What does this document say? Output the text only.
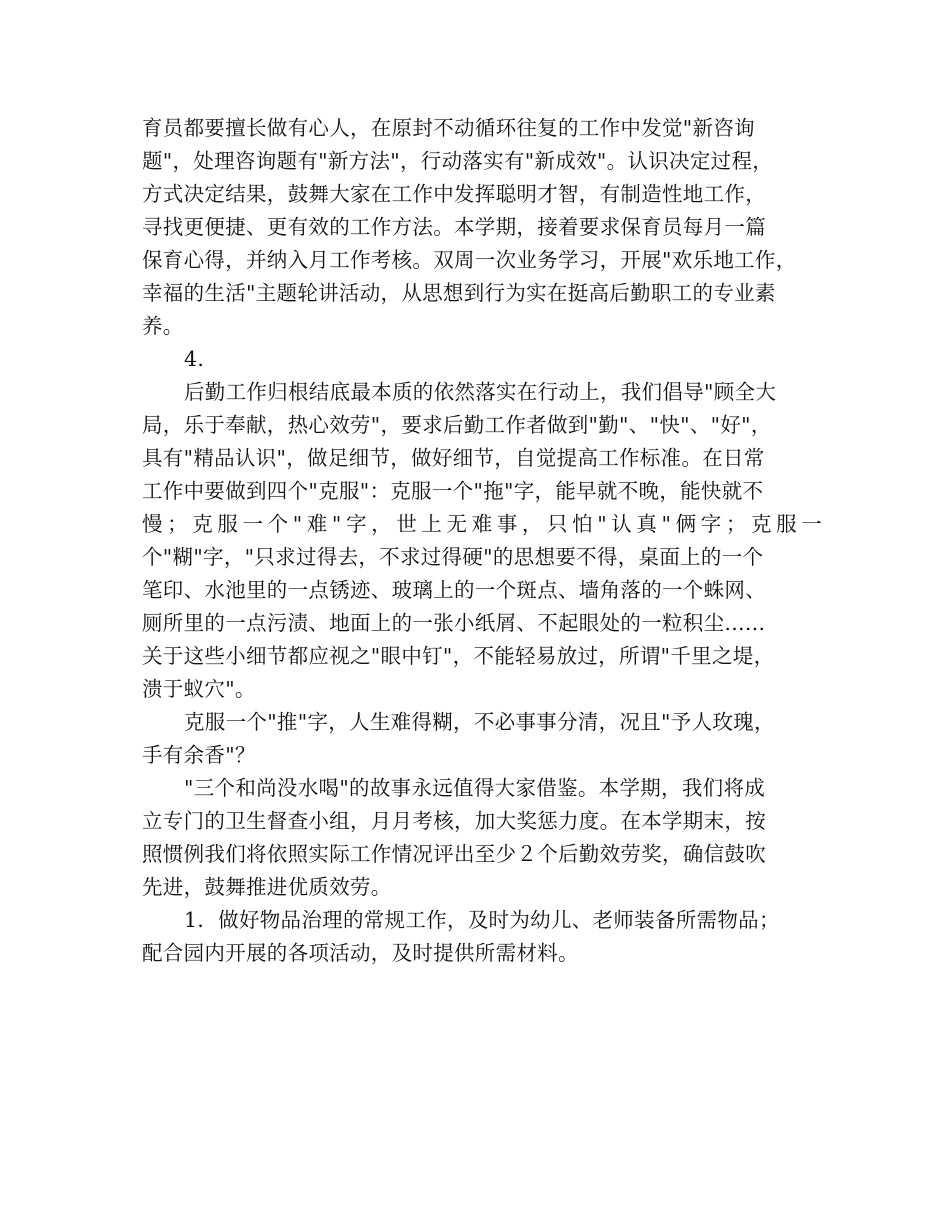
育员都要擅长做有心人，在原封不动循环往复的工作中发觉"新咨询
题"，处理咨询题有"新方法"，行动落实有"新成效"。认识决定过程，
方式决定结果，鼓舞大家在工作中发挥聪明才智，有制造性地工作，
寻找更便捷、更有效的工作方法。本学期，接着要求保育员每月一篇
保育心得，并纳入月工作考核。双周一次业务学习，开展"欢乐地工作，
幸福的生活"主题轮讲活动，从思想到行为实在挺高后勤职工的专业素
养。
4.
后勤工作归根结底最本质的依然落实在行动上，我们倡导"顾全大
局，乐于奉献，热心效劳"，要求后勤工作者做到"勤"、"快"、"好"，
具有"精品认识"，做足细节，做好细节，自觉提高工作标准。在日常
工作中要做到四个"克服"：克服一个"拖"字，能早就不晚，能快就不
慢；克服一个"难"字，世上无难事，只怕"认真"俩字；克服一
个"糊"字，"只求过得去，不求过得硬"的思想要不得，桌面上的一个
笔印、水池里的一点锈迹、玻璃上的一个斑点、墙角落的一个蛛网、
厕所里的一点污渍、地面上的一张小纸屑、不起眼处的一粒积尘......
关于这些小细节都应视之"眼中钉"，不能轻易放过，所谓"千里之堤，
溃于蚁穴"。
克服一个"推"字，人生难得糊，不必事事分清，况且"予人玫瑰，
手有余香"？
"三个和尚没水喝"的故事永远值得大家借鉴。本学期，我们将成
立专门的卫生督查小组，月月考核，加大奖惩力度。在本学期末，按
照惯例我们将依照实际工作情况评出至少２个后勤效劳奖，确信鼓吹
先进，鼓舞推进优质效劳。
1．做好物品治理的常规工作，及时为幼儿、老师装备所需物品；
配合园内开展的各项活动，及时提供所需材料。
